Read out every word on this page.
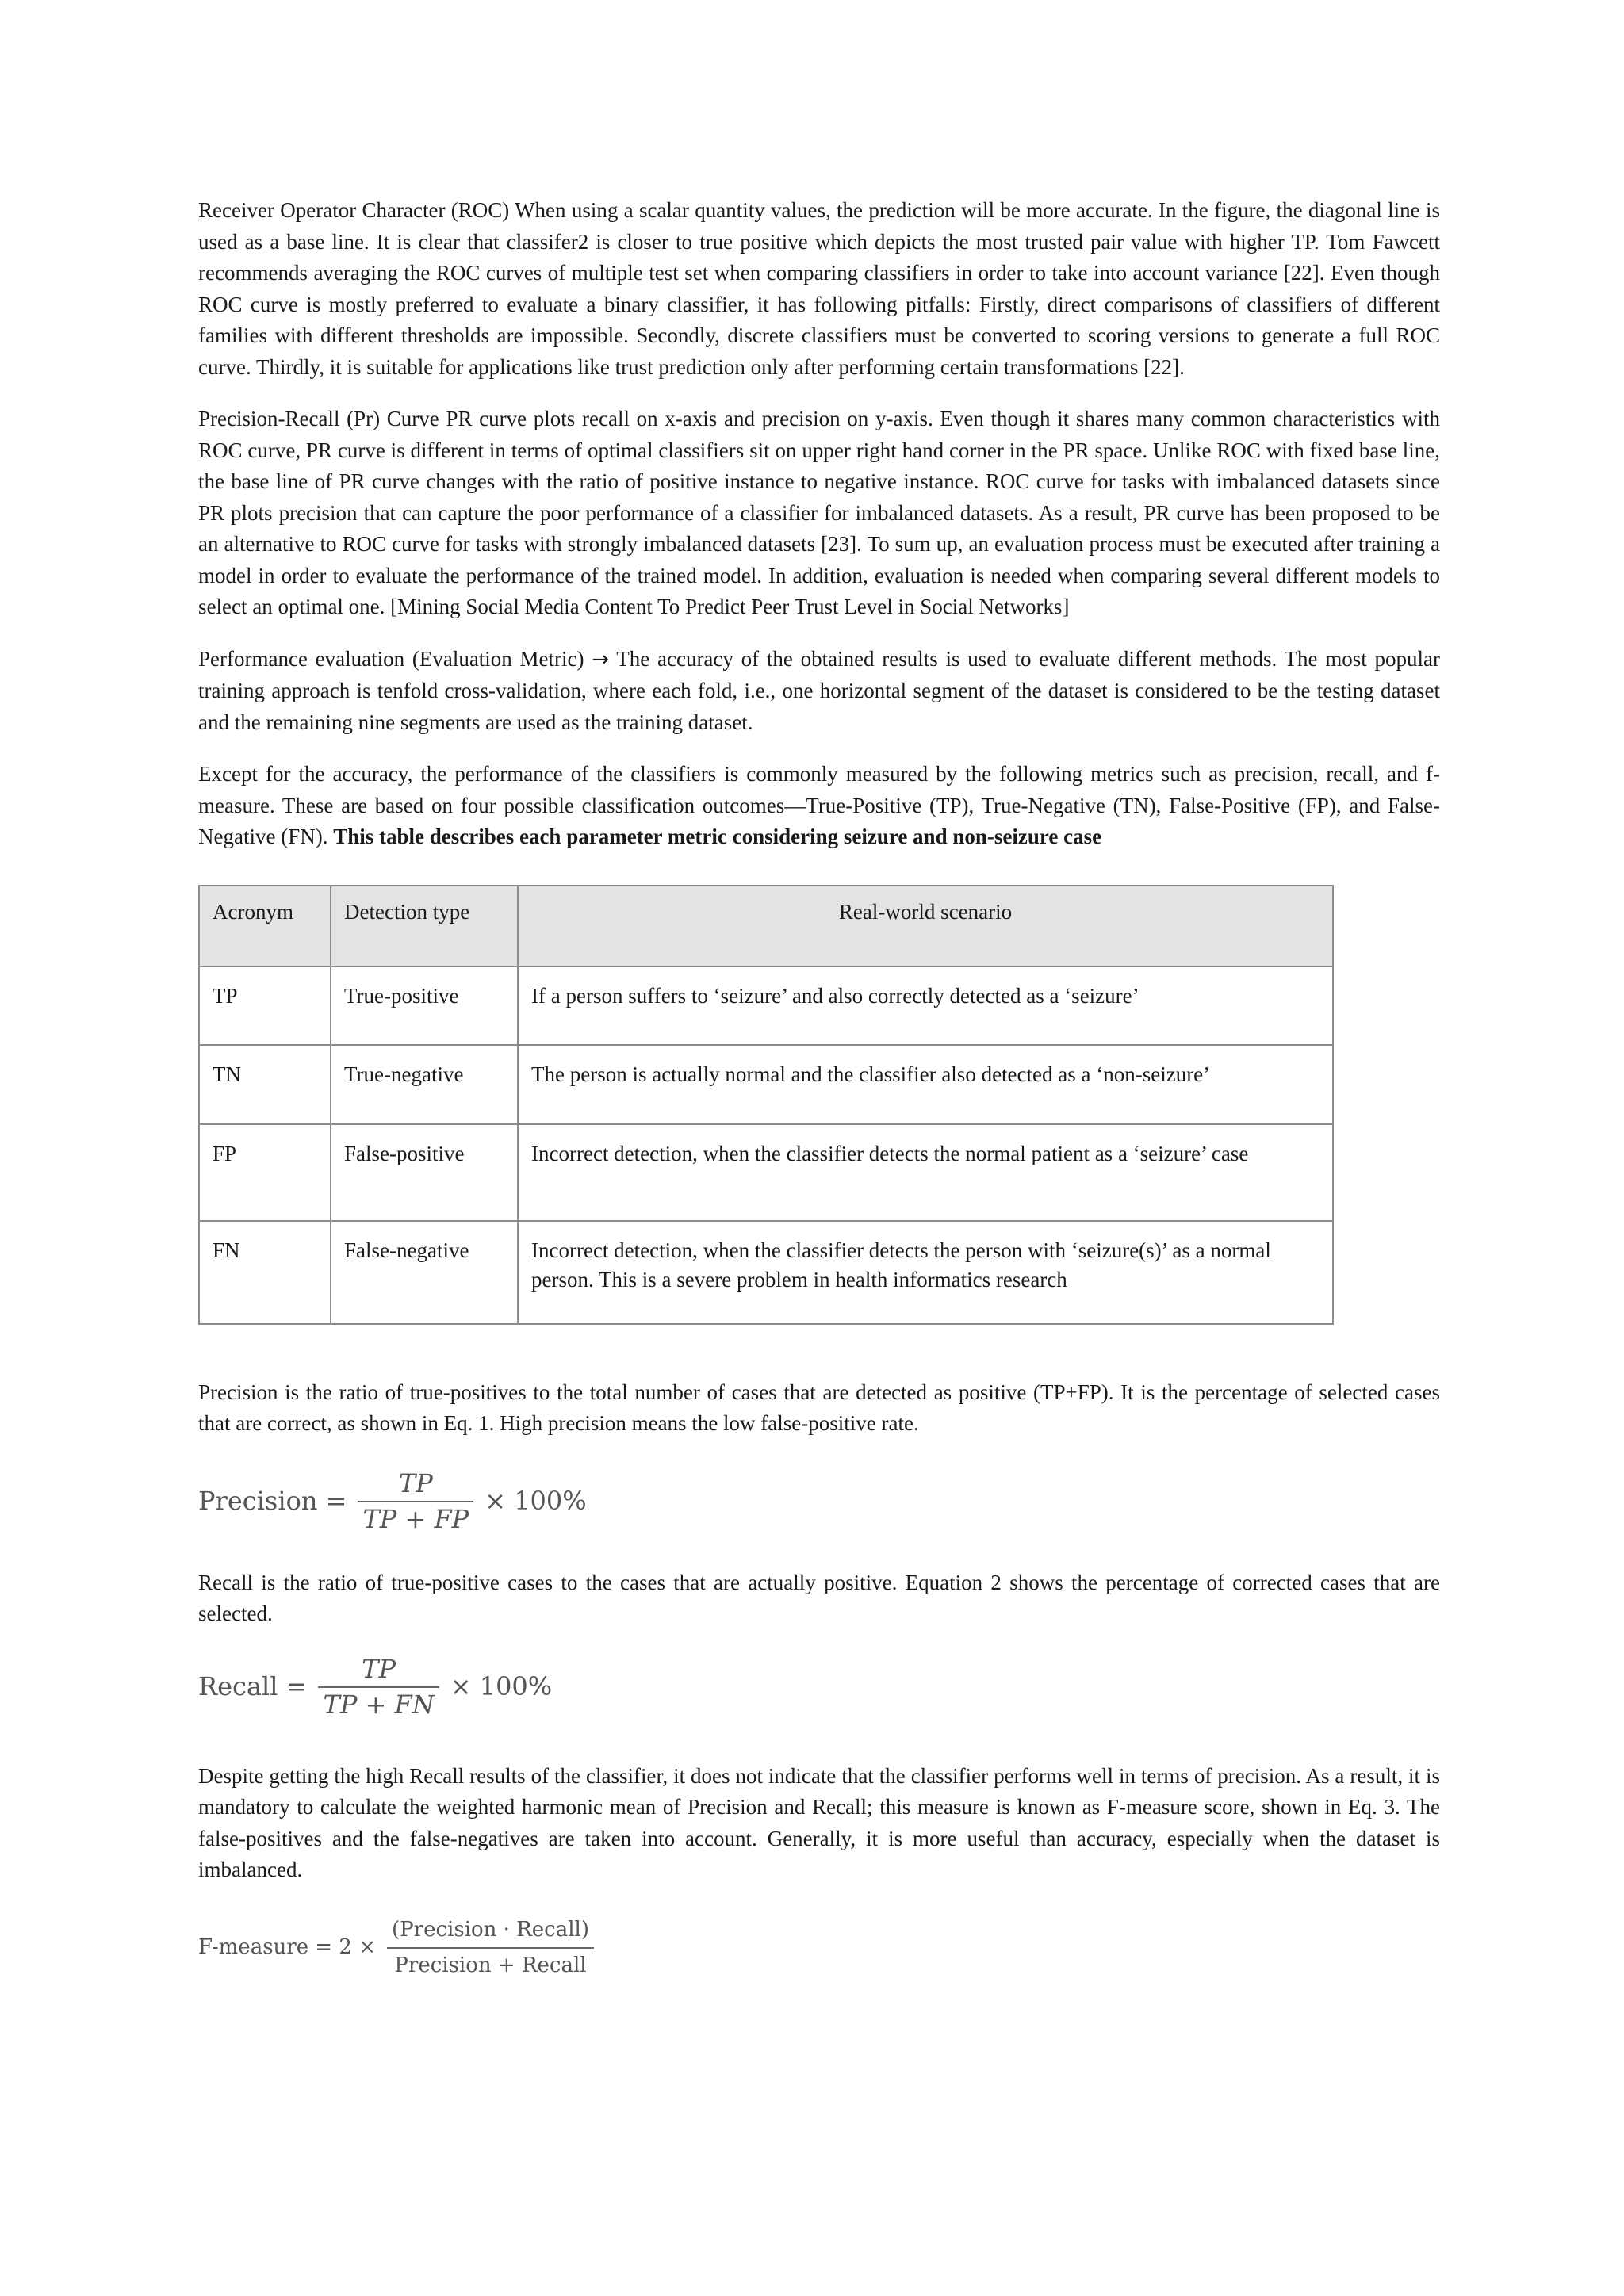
Receiver Operator Character (ROC) When using a scalar quantity values, the prediction will be more accurate. In the figure, the diagonal line is used as a base line. It is clear that classifer2 is closer to true positive which depicts the most trusted pair value with higher TP. Tom Fawcett recommends averaging the ROC curves of multiple test set when comparing classifiers in order to take into account variance [22]. Even though ROC curve is mostly preferred to evaluate a binary classifier, it has following pitfalls: Firstly, direct comparisons of classifiers of different families with different thresholds are impossible. Secondly, discrete classifiers must be converted to scoring versions to generate a full ROC curve. Thirdly, it is suitable for applications like trust prediction only after performing certain transformations [22].

Precision-Recall (Pr) Curve PR curve plots recall on x-axis and precision on y-axis. Even though it shares many common characteristics with ROC curve, PR curve is different in terms of optimal classifiers sit on upper right hand corner in the PR space. Unlike ROC with fixed base line, the base line of PR curve changes with the ratio of positive instance to negative instance. ROC curve for tasks with imbalanced datasets since PR plots precision that can capture the poor performance of a classifier for imbalanced datasets. As a result, PR curve has been proposed to be an alternative to ROC curve for tasks with strongly imbalanced datasets [23]. To sum up, an evaluation process must be executed after training a model in order to evaluate the performance of the trained model. In addition, evaluation is needed when comparing several different models to select an optimal one. [Mining Social Media Content To Predict Peer Trust Level in Social Networks]

Performance evaluation (Evaluation Metric) → The accuracy of the obtained results is used to evaluate different methods. The most popular training approach is tenfold cross-validation, where each fold, i.e., one horizontal segment of the dataset is considered to be the testing dataset and the remaining nine segments are used as the training dataset.

Except for the accuracy, the performance of the classifiers is commonly measured by the following metrics such as precision, recall, and f-measure. These are based on four possible classification outcomes—True-Positive (TP), True-Negative (TN), False-Positive (FP), and False-Negative (FN). This table describes each parameter metric considering seizure and non-seizure case

Acronym	Detection type	Real-world scenario
TP	True-positive	If a person suffers to ‘seizure’ and also correctly detected as a ‘seizure’
TN	True-negative	The person is actually normal and the classifier also detected as a ‘non-seizure’
FP	False-positive	Incorrect detection, when the classifier detects the normal patient as a ‘seizure’ case
FN	False-negative	Incorrect detection, when the classifier detects the person with ‘seizure(s)’ as a normal person. This is a severe problem in health informatics research

Precision is the ratio of true-positives to the total number of cases that are detected as positive (TP+FP). It is the percentage of selected cases that are correct, as shown in Eq. 1. High precision means the low false-positive rate.

Precision = $\frac{TP}{TP + FP} \times 100\%$

Recall is the ratio of true-positive cases to the cases that are actually positive. Equation 2 shows the percentage of corrected cases that are selected.

Recall = $\frac{TP}{TP + FN} \times 100\%$

Despite getting the high Recall results of the classifier, it does not indicate that the classifier performs well in terms of precision. As a result, it is mandatory to calculate the weighted harmonic mean of Precision and Recall; this measure is known as F-measure score, shown in Eq. 3. The false-positives and the false-negatives are taken into account. Generally, it is more useful than accuracy, especially when the dataset is imbalanced.

F-measure = $2 \times \frac{\text{(Precision · Recall)}}{\text{Precision + Recall}}$
